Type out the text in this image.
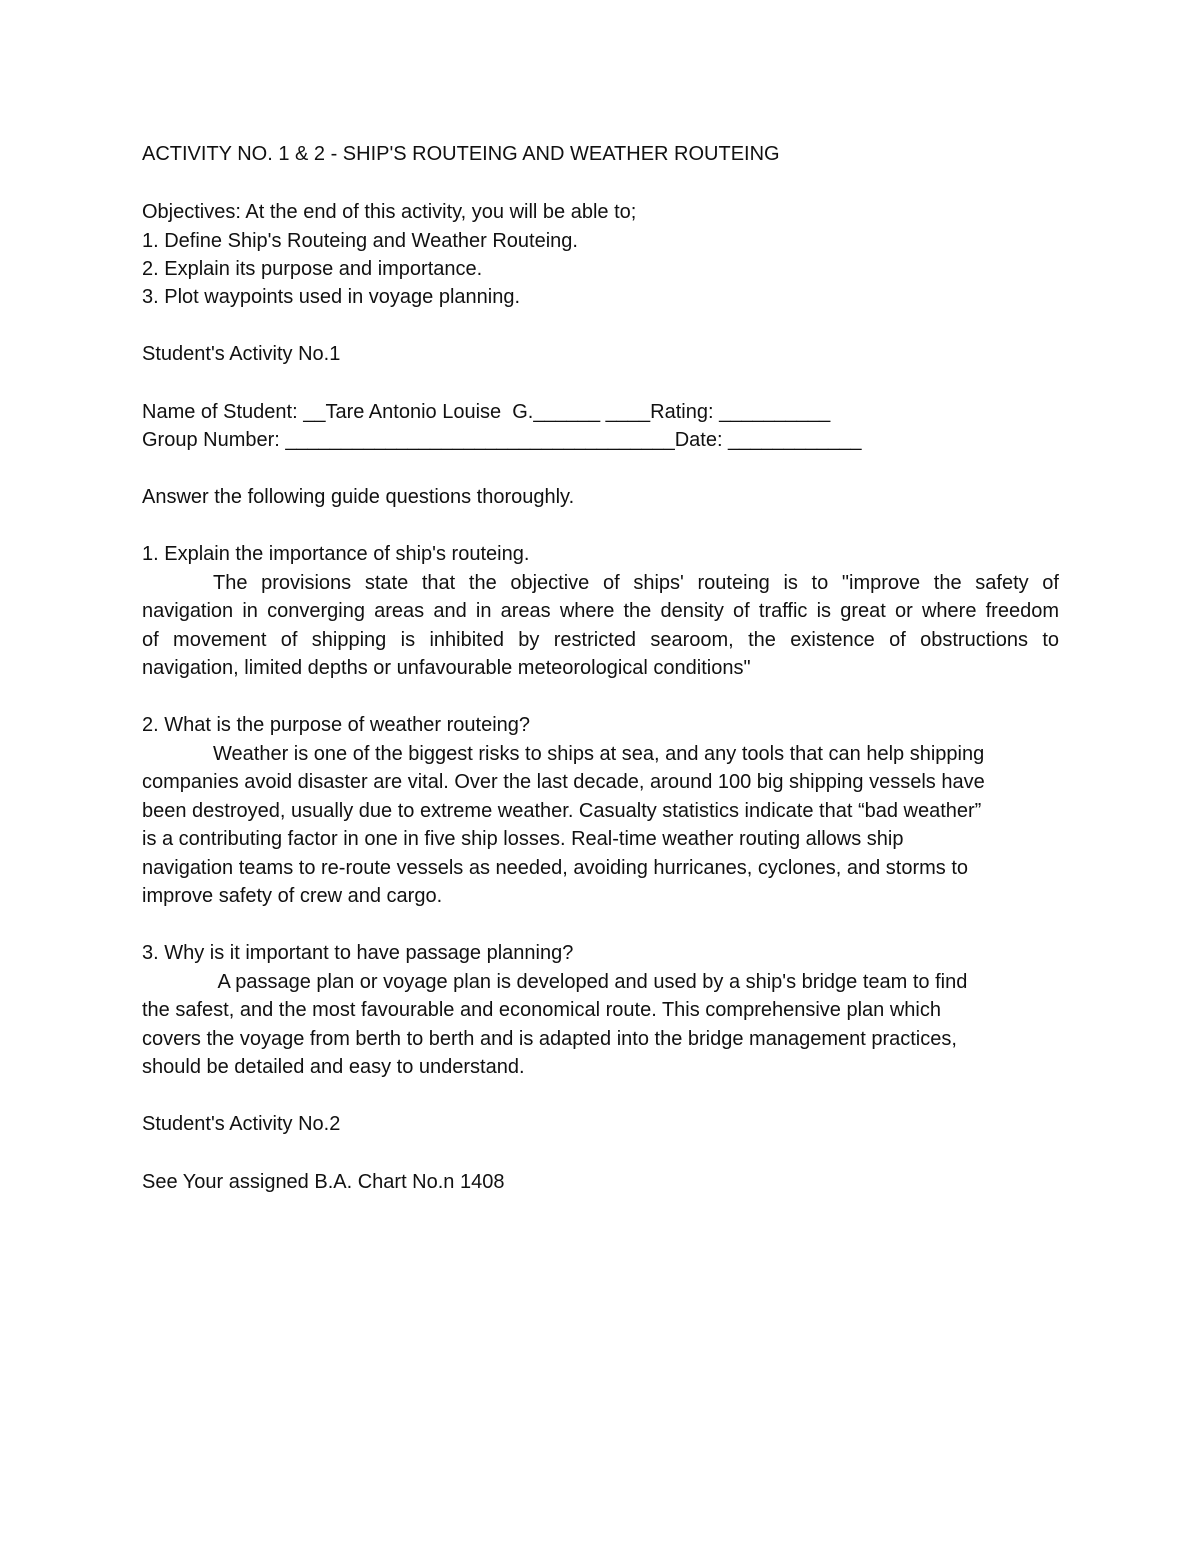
ACTIVITY NO. 1 & 2 - SHIP'S ROUTEING AND WEATHER ROUTEING
Objectives: At the end of this activity, you will be able to;
1. Define Ship's Routeing and Weather Routeing.
2. Explain its purpose and importance.
3. Plot waypoints used in voyage planning.
Student's Activity No.1
Name of Student: __Tare Antonio Louise  G.______ ____Rating: __________
Group Number: ___________________________________Date: ____________
Answer the following guide questions thoroughly.
1. Explain the importance of ship's routeing.
The provisions state that the objective of ships' routeing is to "improve the safety of
navigation in converging areas and in areas where the density of traffic is great or where freedom
of movement of shipping is inhibited by restricted searoom, the existence of obstructions to
navigation, limited depths or unfavourable meteorological conditions"
2. What is the purpose of weather routeing?
Weather is one of the biggest risks to ships at sea, and any tools that can help shipping
companies avoid disaster are vital. Over the last decade, around 100 big shipping vessels have
been destroyed, usually due to extreme weather. Casualty statistics indicate that “bad weather”
is a contributing factor in one in five ship losses. Real-time weather routing allows ship
navigation teams to re-route vessels as needed, avoiding hurricanes, cyclones, and storms to
improve safety of crew and cargo.
3. Why is it important to have passage planning?
A passage plan or voyage plan is developed and used by a ship's bridge team to find
the safest, and the most favourable and economical route. This comprehensive plan which
covers the voyage from berth to berth and is adapted into the bridge management practices,
should be detailed and easy to understand.
Student's Activity No.2
See Your assigned B.A. Chart No.n 1408
